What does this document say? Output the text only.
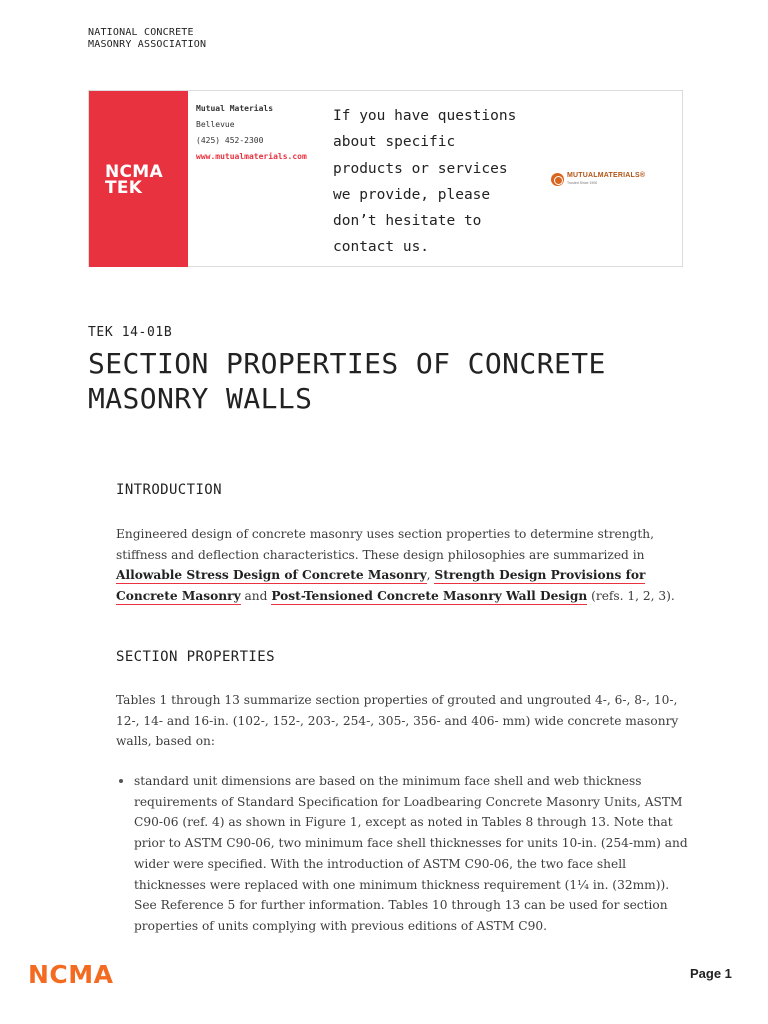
NATIONAL CONCRETE MASONRY ASSOCIATION
NCMA TEK
Mutual Materials
Bellevue
(425) 452-2300
www.mutualmaterials.com
If you have questions about specific products or services we provide, please don’t hesitate to contact us.
MUTUALMATERIALS®
Trusted Since 1900
TEK 14-01B
SECTION PROPERTIES OF CONCRETE MASONRY WALLS
INTRODUCTION

Engineered design of concrete masonry uses section properties to determine strength, stiffness and deflection characteristics. These design philosophies are summarized in Allowable Stress Design of Concrete Masonry, Strength Design Provisions for Concrete Masonry and Post-Tensioned Concrete Masonry Wall Design (refs. 1, 2, 3).

SECTION PROPERTIES

Tables 1 through 13 summarize section properties of grouted and ungrouted 4-, 6-, 8-, 10-, 12-, 14- and 16-in. (102-, 152-, 203-, 254-, 305-, 356- and 406- mm) wide concrete masonry walls, based on:

standard unit dimensions are based on the minimum face shell and web thickness requirements of Standard Specification for Loadbearing Concrete Masonry Units, ASTM C90-06 (ref. 4) as shown in Figure 1, except as noted in Tables 8 through 13. Note that prior to ASTM C90-06, two minimum face shell thicknesses for units 10-in. (254-mm) and wider were specified. With the introduction of ASTM C90-06, the two face shell thicknesses were replaced with one minimum thickness requirement (1¼ in. (32mm)). See Reference 5 for further information. Tables 10 through 13 can be used for section properties of units complying with previous editions of ASTM C90.
NCMA	Page 1
